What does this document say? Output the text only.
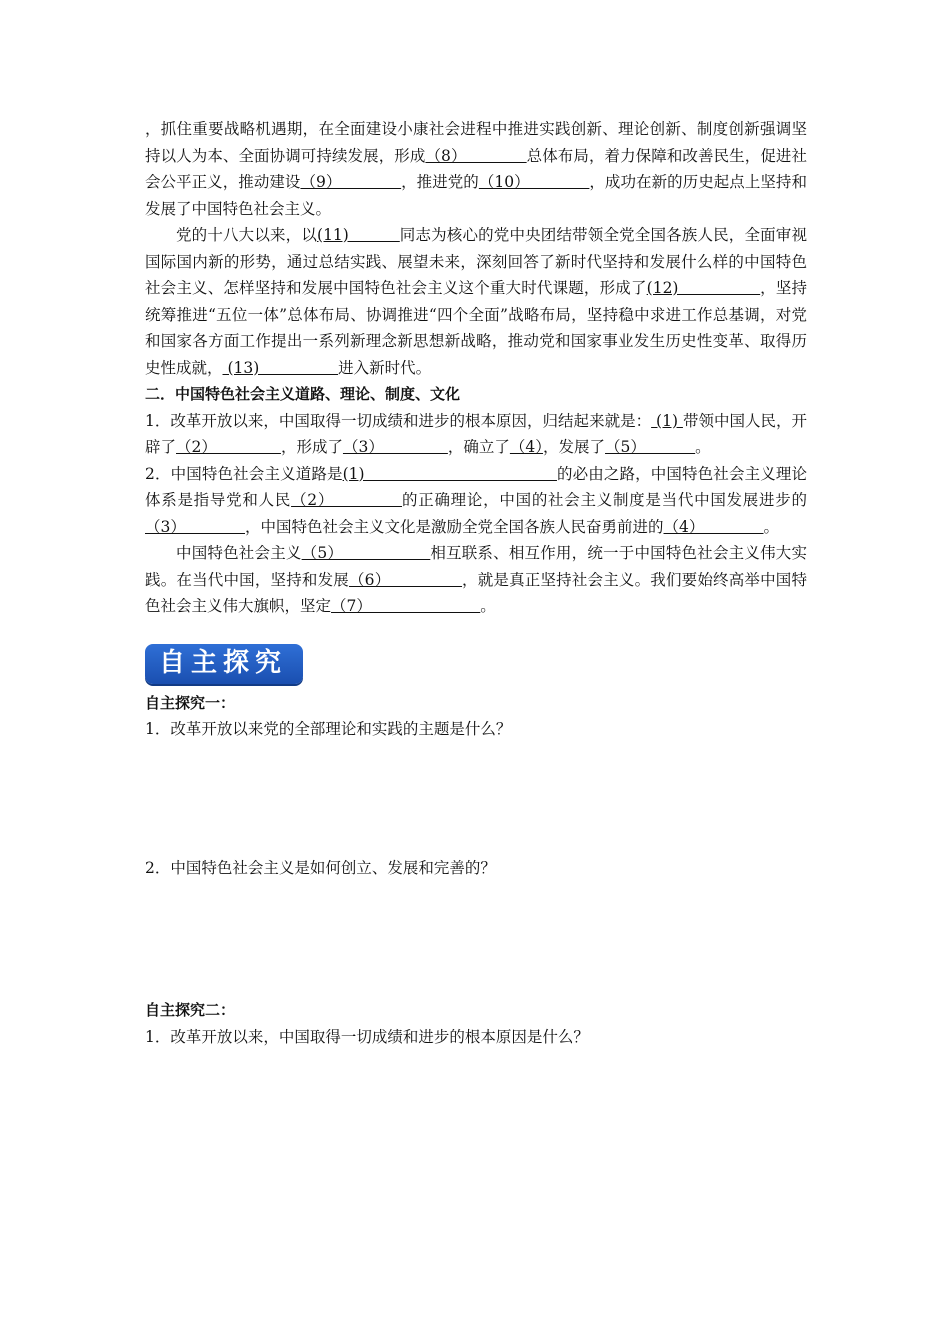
，抓住重要战略机遇期，在全面建设小康社会进程中推进实践创新、理论创新、制度创新强调坚持以人为本、全面协调可持续发展，形成（8）            总体布局，着力保障和改善民生，促进社会公平正义，推动建设（9）            ，推进党的（10）            ，成功在新的历史起点上坚持和发展了中国特色社会主义。

党的十八大以来，以(11)          同志为核心的党中央团结带领全党全国各族人民，全面审视国际国内新的形势，通过总结实践、展望未来，深刻回答了新时代坚持和发展什么样的中国特色社会主义、怎样坚持和发展中国特色社会主义这个重大时代课题，形成了(12)                ，坚持统筹推进“五位一体”总体布局、协调推进“四个全面”战略布局，坚持稳中求进工作总基调，对党和国家各方面工作提出一系列新理念新思想新战略，推动党和国家事业发生历史性变革、取得历史性成就， (13)                进入新时代。

二．中国特色社会主义道路、理论、制度、文化

1．改革开放以来，中国取得一切成绩和进步的根本原因，归结起来就是： (1) 带领中国人民，开辟了（2）             ，形成了（3）             ，确立了（4），发展了（5）          。

2．中国特色社会主义道路是(1)                                      的必由之路，中国特色社会主义理论体系是指导党和人民（2）            的正确理论，中国的社会主义制度是当代中国发展进步的（3）            ，中国特色社会主义文化是激励全党全国各族人民奋勇前进的（4）            。

中国特色社会主义（5）                 相互联系、相互作用，统一于中国特色社会主义伟大实践。在当代中国，坚持和发展（6）              ，就是真正坚持社会主义。我们要始终高举中国特色社会主义伟大旗帜，坚定（7）                      。

自主探究

自主探究一：

1．改革开放以来党的全部理论和实践的主题是什么？

2．中国特色社会主义是如何创立、发展和完善的？

自主探究二：

1．改革开放以来，中国取得一切成绩和进步的根本原因是什么？
